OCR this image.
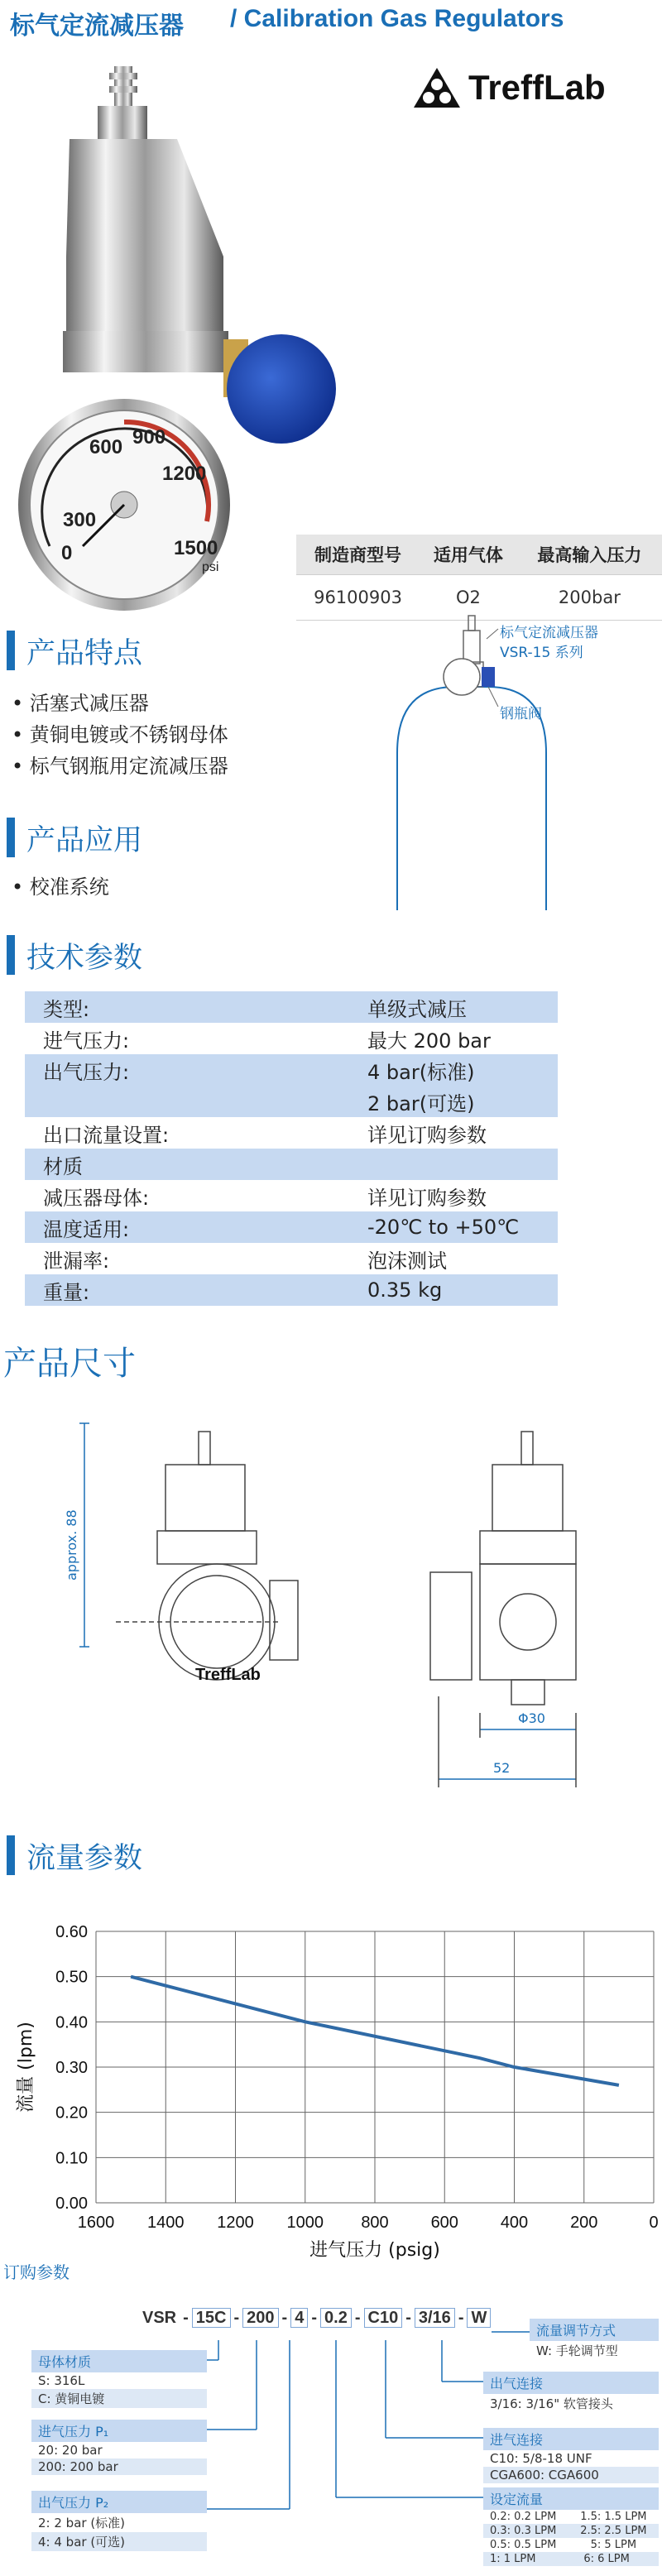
标气定流减压器 / Calibration Gas Regulators
TreffLab
300
600 900
1200
1500
0
psi
制造商型号	适用气体	最高输入压力
96100903	O2	200bar
标气定流减压器
VSR-15 系列
钢瓶阀
产品特点
• 活塞式减压器
• 黄铜电镀或不锈钢母体
• 标气钢瓶用定流减压器
产品应用
• 校准系统
技术参数
类型:	单级式减压
进气压力:	最大 200 bar
出气压力:	4 bar(标准)
	2 bar(可选)
出口流量设置:	详见订购参数
材质	
减压器母体:	详见订购参数
温度适用:	-20℃ to +50℃
泄漏率:	泡沫测试
重量:	0.35 kg
产品尺寸
TreffLab
approx. 88
Φ30
52
流量参数
1600 1400 1200 1000 800	600	400	200	0
0.00
0.10
0.20
0.30
0.40
0.50
0.60
进气压力 (psig)
流量 (lpm)
订购参数
VSR - 15C - 200 - 4 - 0.2 - C10 - 3/16 - W
母体材质
S: 316L
C: 黄铜电镀
进气压力 P₁
20: 20 bar
200: 200 bar
出气压力 P₂
2: 2 bar (标准)
4: 4 bar (可选)
流量调节方式
W: 手轮调节型
出气连接
3/16: 3/16" 软管接头
进气连接
C10: 5/8-18 UNF
CGA600: CGA600
设定流量
0.2: 0.2 LPM       1.5: 1.5 LPM
0.3: 0.3 LPM       2.5: 2.5 LPM
0.5: 0.5 LPM          5: 5 LPM
1: 1 LPM              6: 6 LPM
